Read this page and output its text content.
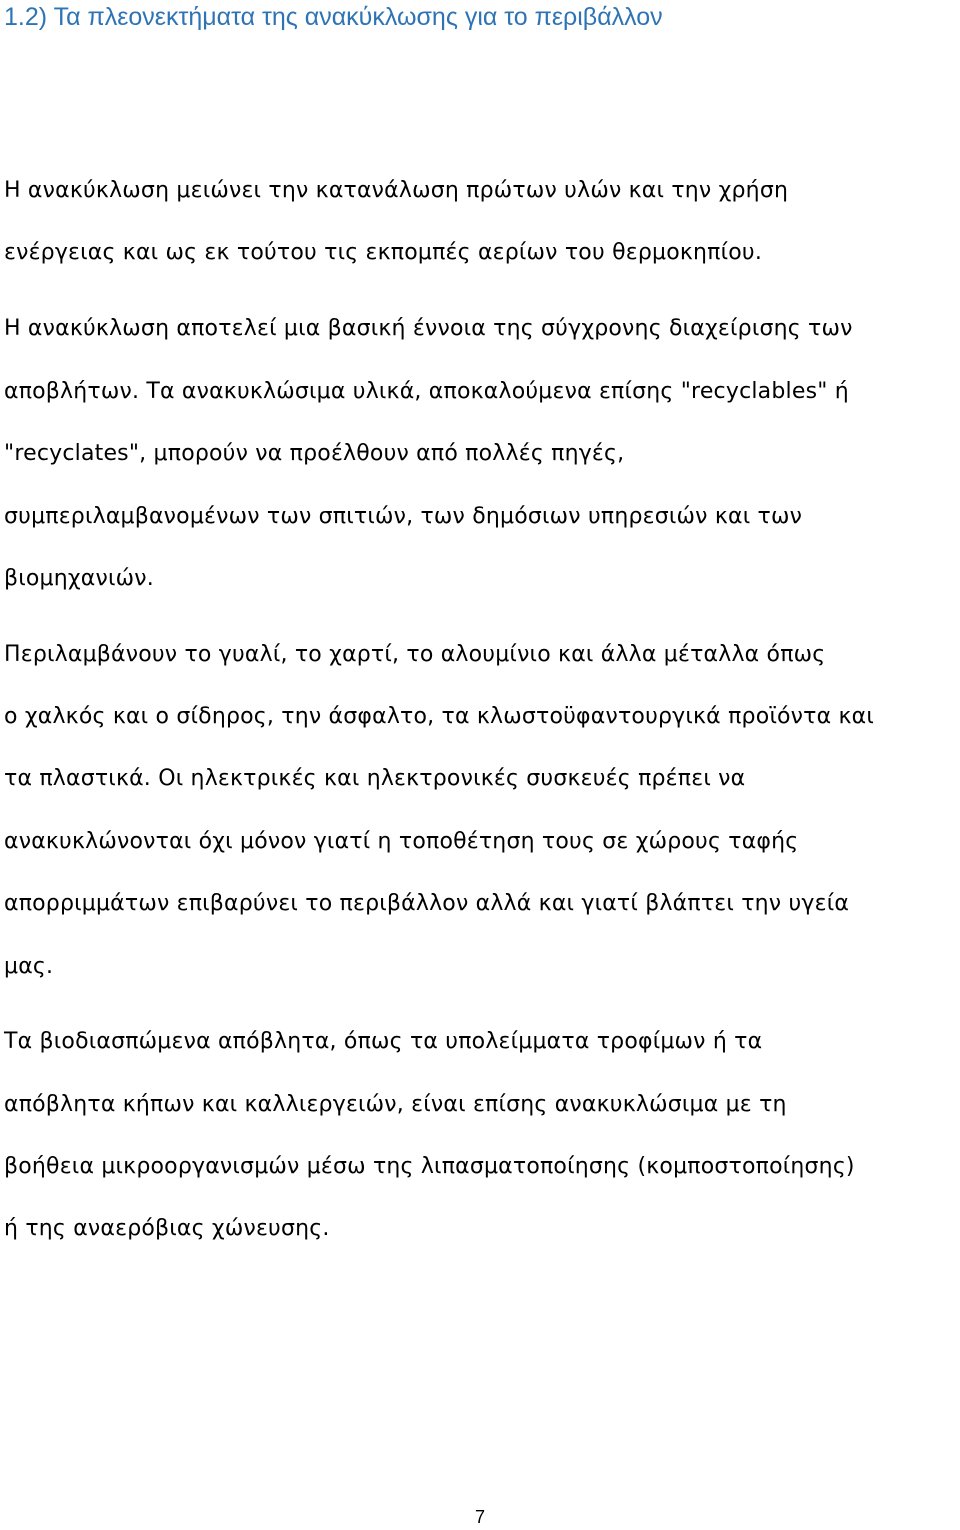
1.2) Τα πλεονεκτήματα της ανακύκλωσης για το περιβάλλον

Η ανακύκλωση μειώνει την κατανάλωση πρώτων υλών και την χρήση

ενέργειας και ως εκ τούτου τις εκπομπές αερίων του θερμοκηπίου.

Η ανακύκλωση αποτελεί μια βασική έννοια της σύγχρονης διαχείρισης των

αποβλήτων. Τα ανακυκλώσιμα υλικά, αποκαλούμενα επίσης "recyclables" ή

"recyclates", μπορούν να προέλθουν από πολλές πηγές,

συμπεριλαμβανομένων των σπιτιών, των δημόσιων υπηρεσιών και των

βιομηχανιών.

Περιλαμβάνουν το γυαλί, το χαρτί, το αλουμίνιο και άλλα μέταλλα όπως

ο χαλκός και ο σίδηρος, την άσφαλτο, τα κλωστοϋφαντουργικά προϊόντα και

τα πλαστικά. Οι ηλεκτρικές και ηλεκτρονικές συσκευές πρέπει να

ανακυκλώνονται όχι μόνον γιατί η τοποθέτηση τους σε χώρους ταφής

απορριμμάτων επιβαρύνει το περιβάλλον αλλά και γιατί βλάπτει την υγεία

μας.

Τα βιοδιασπώμενα απόβλητα, όπως τα υπολείμματα τροφίμων ή τα

απόβλητα κήπων και καλλιεργειών, είναι επίσης ανακυκλώσιμα με τη

βοήθεια μικροοργανισμών μέσω της λιπασματοποίησης (κομποστοποίησης)

ή της αναερόβιας χώνευσης.

7
